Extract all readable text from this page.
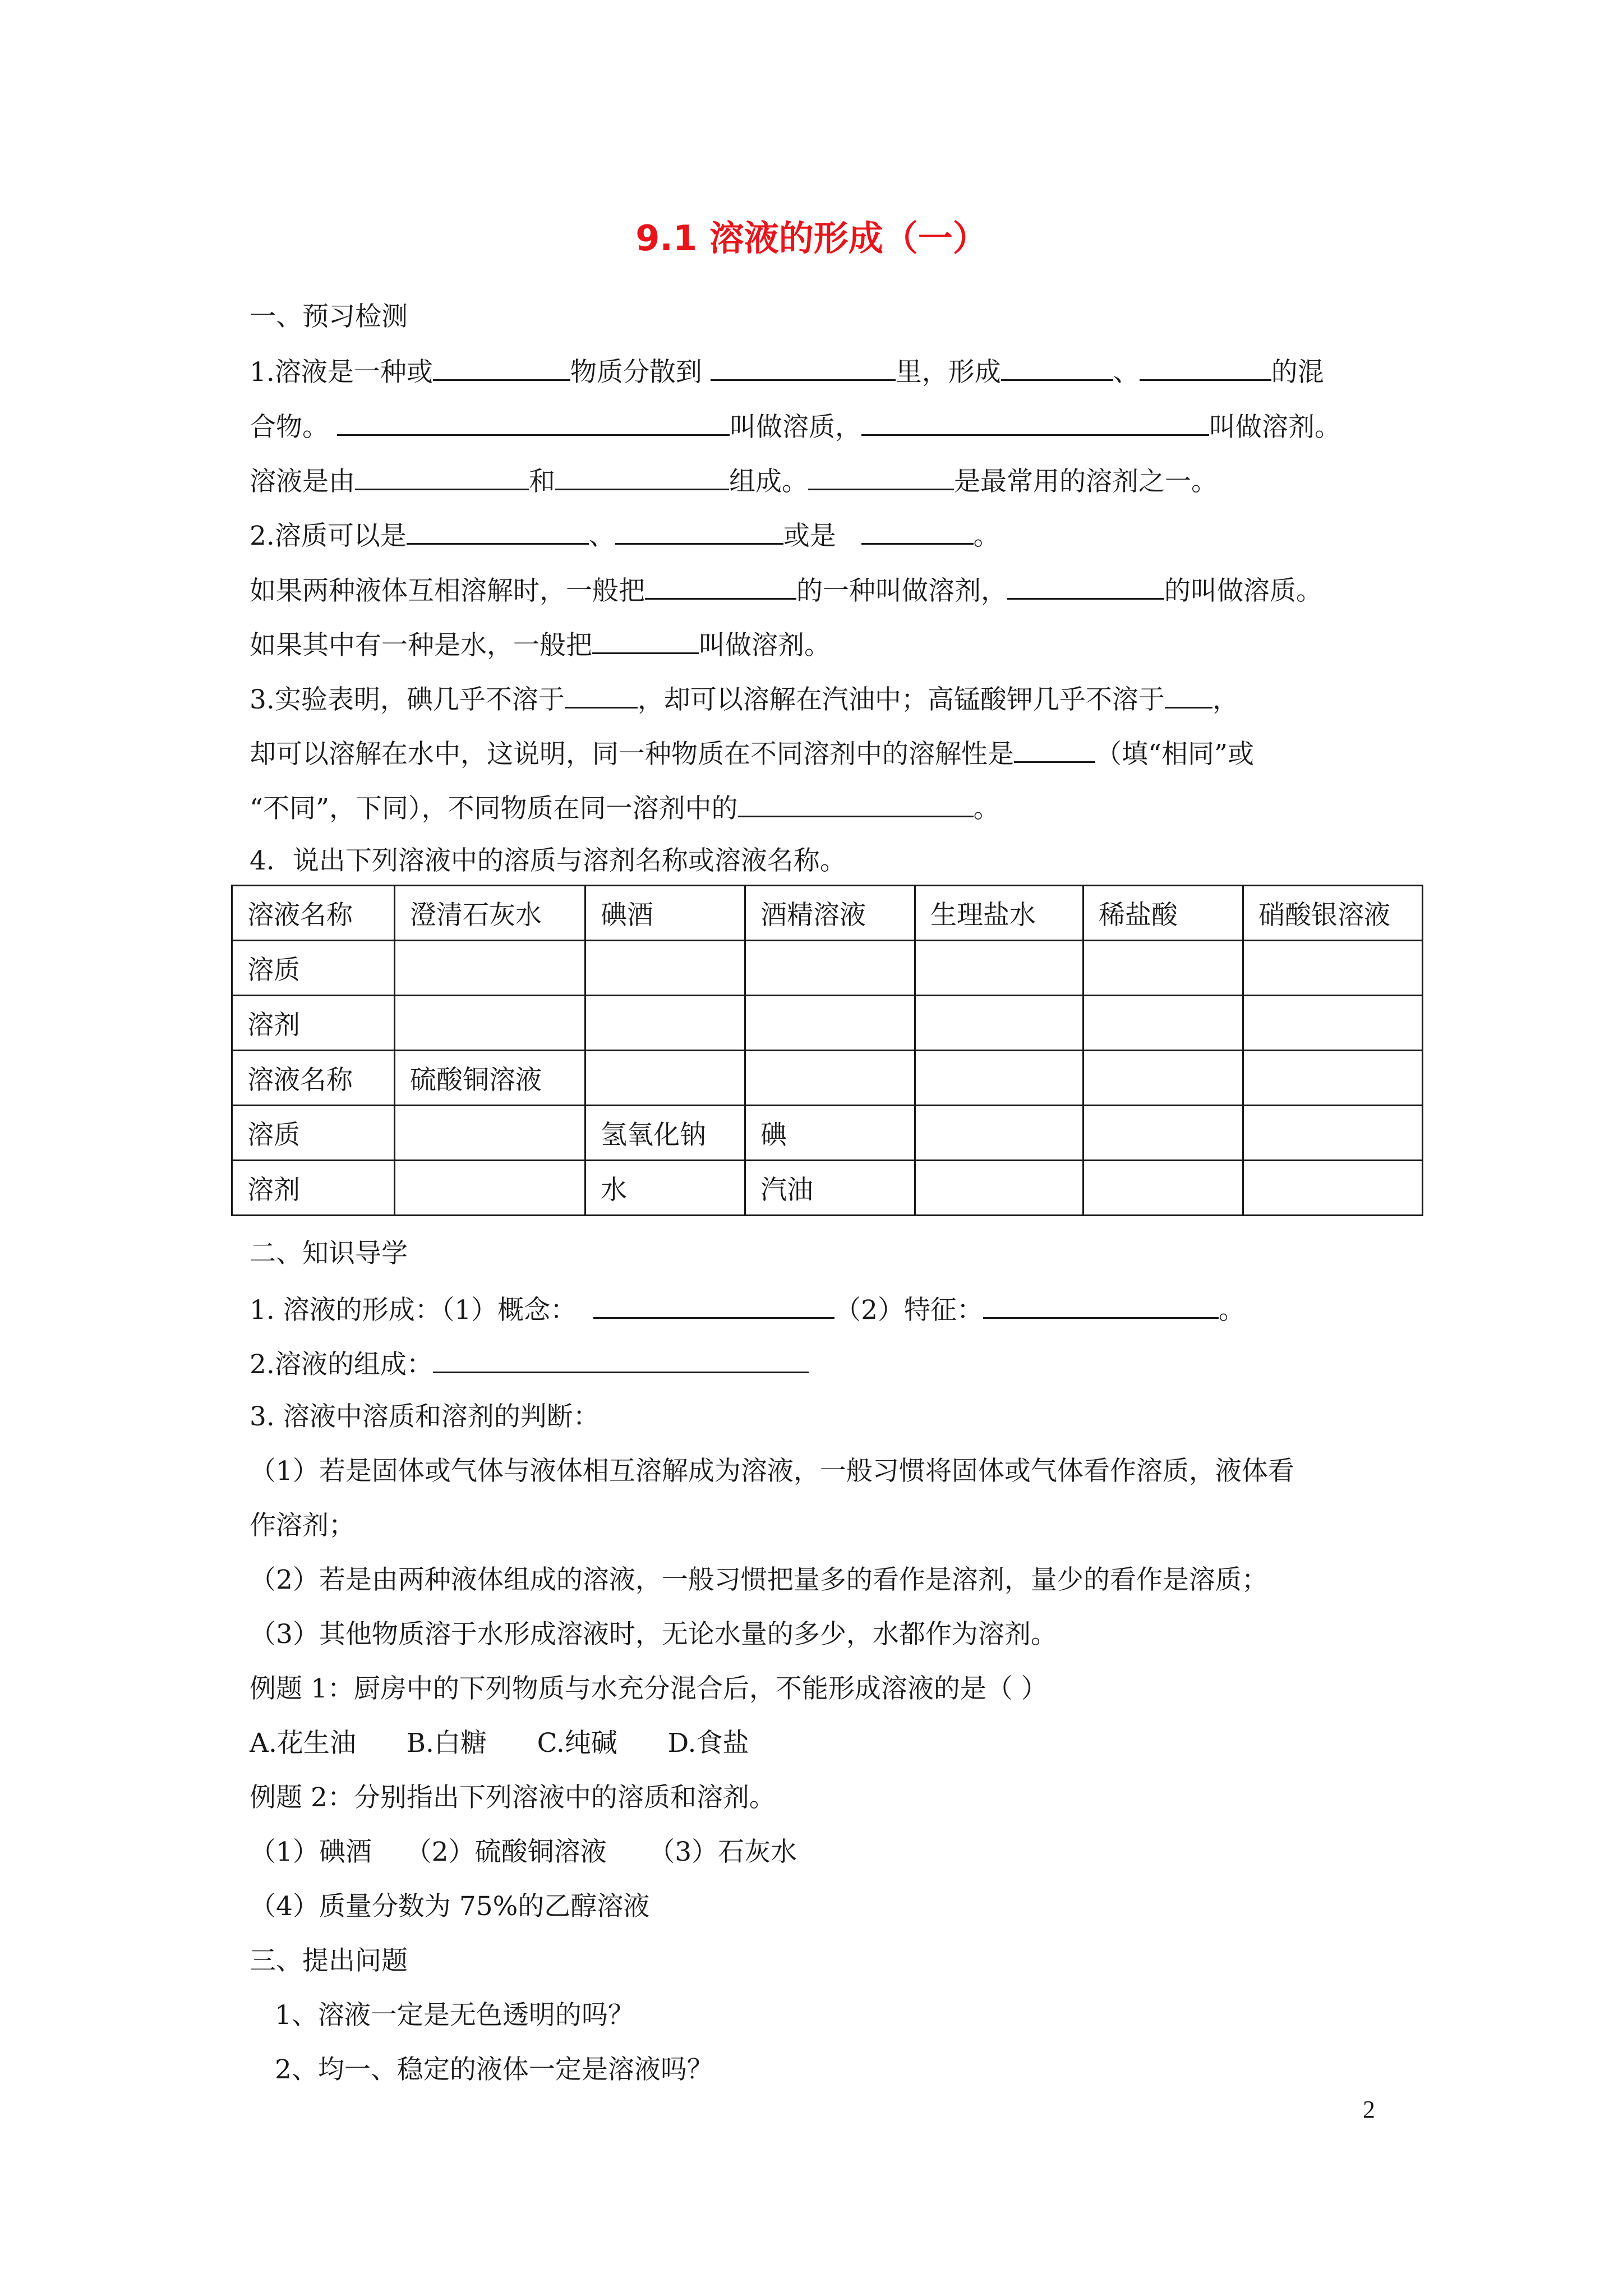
9.1 溶液的形成（一）
一、预习检测
1.溶液是一种或	物质分散到	里，形成	、	的混
合物。	叫做溶质，	叫做溶剂。
溶液是由	和	组成。	是最常用的溶剂之一。
2.溶质可以是	、	或是	。
如果两种液体互相溶解时，一般把	的一种叫做溶剂，	的叫做溶质。
如果其中有一种是水，一般把	叫做溶剂。
3.实验表明，碘几乎不溶于	，却可以溶解在汽油中；高锰酸钾几乎不溶于 ，
却可以溶解在水中，这说明，同一种物质在不同溶剂中的溶解性是	（填“相同”或
“不同”，下同），不同物质在同一溶剂中的	。
4．说出下列溶液中的溶质与溶剂名称或溶液名称。
溶液名称	澄清石灰水	碘酒	酒精溶液	生理盐水	稀盐酸	硝酸银溶液
溶质						
溶剂						
溶液名称	硫酸铜溶液					
溶质		氢氧化钠	碘			
溶剂		水	汽油			
二、知识导学
1. 溶液的形成：（1）概念：	（2）特征：	。
2.溶液的组成：
3. 溶液中溶质和溶剂的判断：
（1）若是固体或气体与液体相互溶解成为溶液，一般习惯将固体或气体看作溶质，液体看
作溶剂；
（2）若是由两种液体组成的溶液，一般习惯把量多的看作是溶剂，量少的看作是溶质；
（3）其他物质溶于水形成溶液时，无论水量的多少，水都作为溶剂。
例题 1：厨房中的下列物质与水充分混合后，不能形成溶液的是（ ）
A.花生油      B.白糖      C.纯碱      D.食盐
例题 2：分别指出下列溶液中的溶质和溶剂。
（1）碘酒    （2）硫酸铜溶液     （3）石灰水
（4）质量分数为 75%的乙醇溶液
三、提出问题
1、溶液一定是无色透明的吗？
2、均一、稳定的液体一定是溶液吗？
2
